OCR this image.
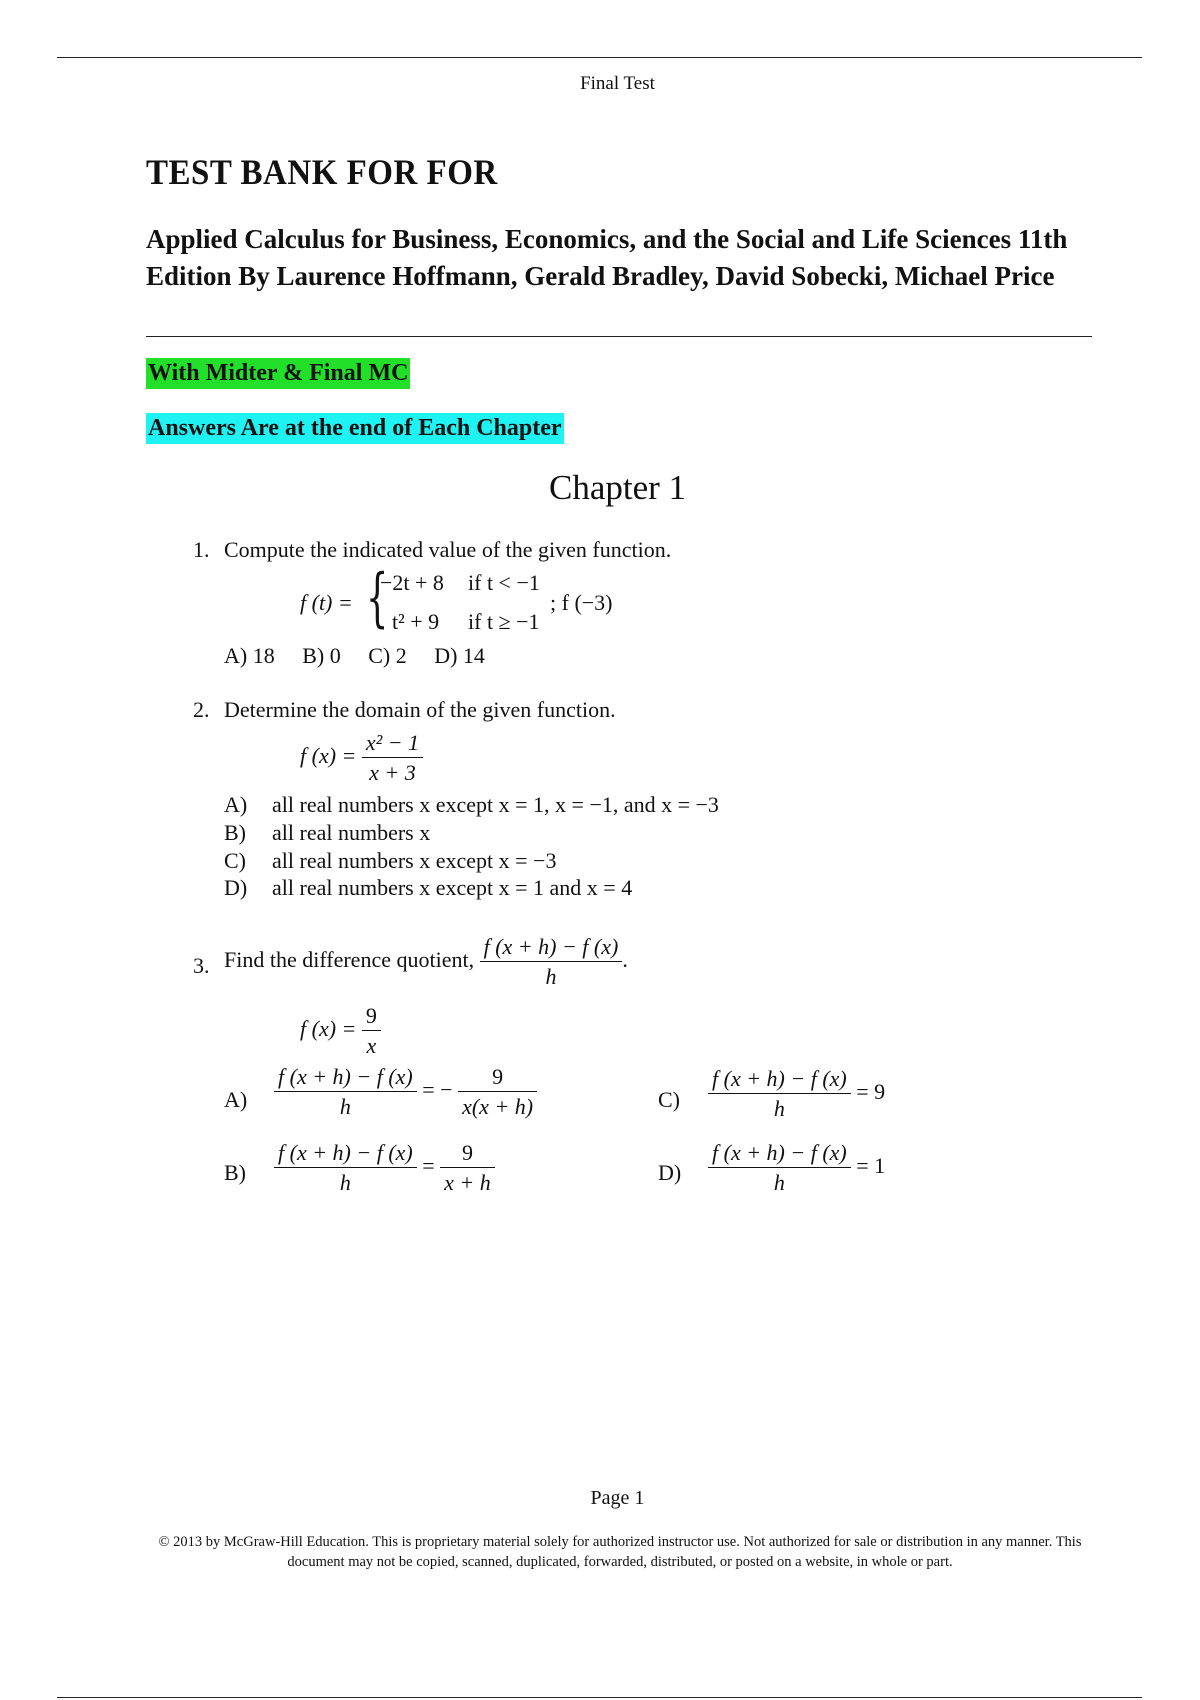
Final Test
TEST BANK FOR FOR
Applied Calculus for Business, Economics, and the Social and Life Sciences 11th Edition By Laurence Hoffmann, Gerald Bradley, David Sobecki, Michael Price
With Midter & Final MC
Answers Are at the end of Each Chapter
Chapter 1
1. Compute the indicated value of the given function.
f (t) = {
−2t + 8 if t < −1
t² + 9 if t ≥ −1
; f (−3)
A) 18 B) 0 C) 2 D) 14
2. Determine the domain of the given function.
f $(x) = \frac{\text{x² − 1}}{x + 3}$
A) all real numbers x except x = 1, x = −1, and x = −3
B) all real numbers x
C) all real numbers x except x = −3
D) all real numbers x except x = 1 and x = 4
3. Find the difference quotient, $\frac{f (x + h) - f (x)}{h}$ .
f $(x) = \frac{9}{x}$
$A) \frac{f (x + h) - f (x)}{h}$ = − $\frac{9}{x(x + h)}$
$B) \frac{f (x + h) - f (x)}{h} = \frac{9}{x + h}$
$C) \frac{f (x + h) - f (x)}{h} = 9$
$D) \frac{f (x + h) - f (x)}{h} = 1$
Page 1
© 2013 by McGraw-Hill Education. This is proprietary material solely for authorized instructor use. Not authorized for sale or distribution in any manner. This document may not be copied, scanned, duplicated, forwarded, distributed, or posted on a website, in whole or part.
